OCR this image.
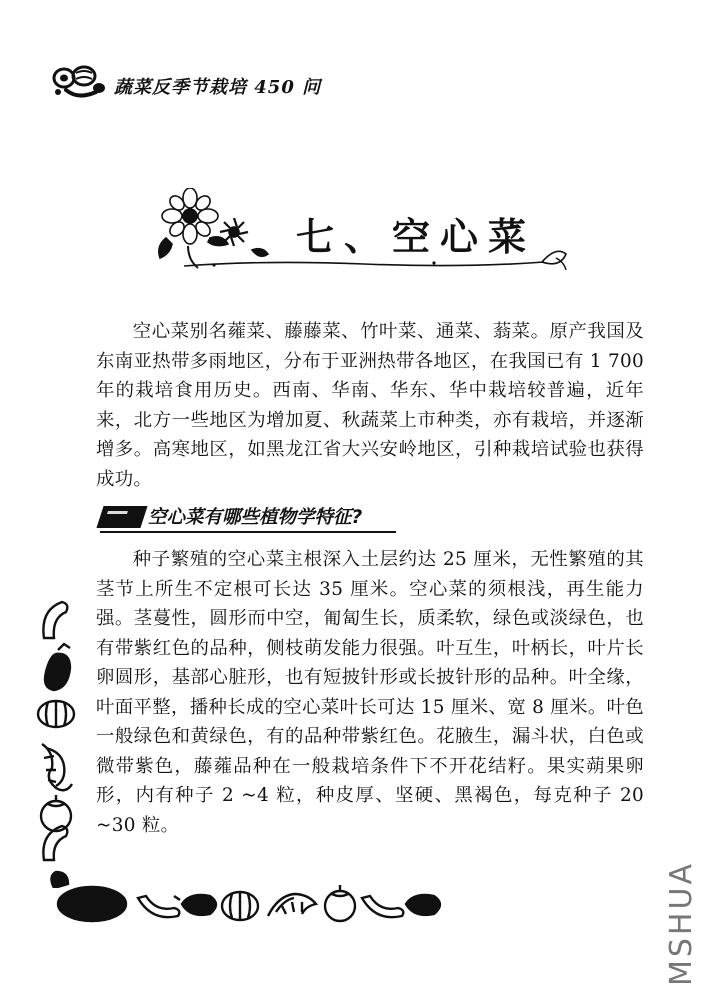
蔬菜反季节栽培 450 问
七、空心菜

空心菜别名蕹菜、藤藤菜、竹叶菜、通菜、蓊菜。原产我国及东南亚热带多雨地区，分布于亚洲热带各地区，在我国已有 1 700 年的栽培食用历史。西南、华南、华东、华中栽培较普遍，近年来，北方一些地区为增加夏、秋蔬菜上市种类，亦有栽培，并逐渐增多。高寒地区，如黑龙江省大兴安岭地区，引种栽培试验也获得成功。

空心菜有哪些植物学特征?

种子繁殖的空心菜主根深入土层约达 25 厘米，无性繁殖的其茎节上所生不定根可长达 35 厘米。空心菜的须根浅，再生能力强。茎蔓性，圆形而中空，匍匐生长，质柔软，绿色或淡绿色，也有带紫红色的品种，侧枝萌发能力很强。叶互生，叶柄长，叶片长卵圆形，基部心脏形，也有短披针形或长披针形的品种。叶全缘，叶面平整，播种长成的空心菜叶长可达 15 厘米、宽 8 厘米。叶色一般绿色和黄绿色，有的品种带紫红色。花腋生，漏斗状，白色或微带紫色，藤蕹品种在一般栽培条件下不开花结籽。果实蒴果卵形，内有种子 2 ~4 粒，种皮厚、坚硬、黑褐色，每克种子 20 ~30 粒。

MSHUA
